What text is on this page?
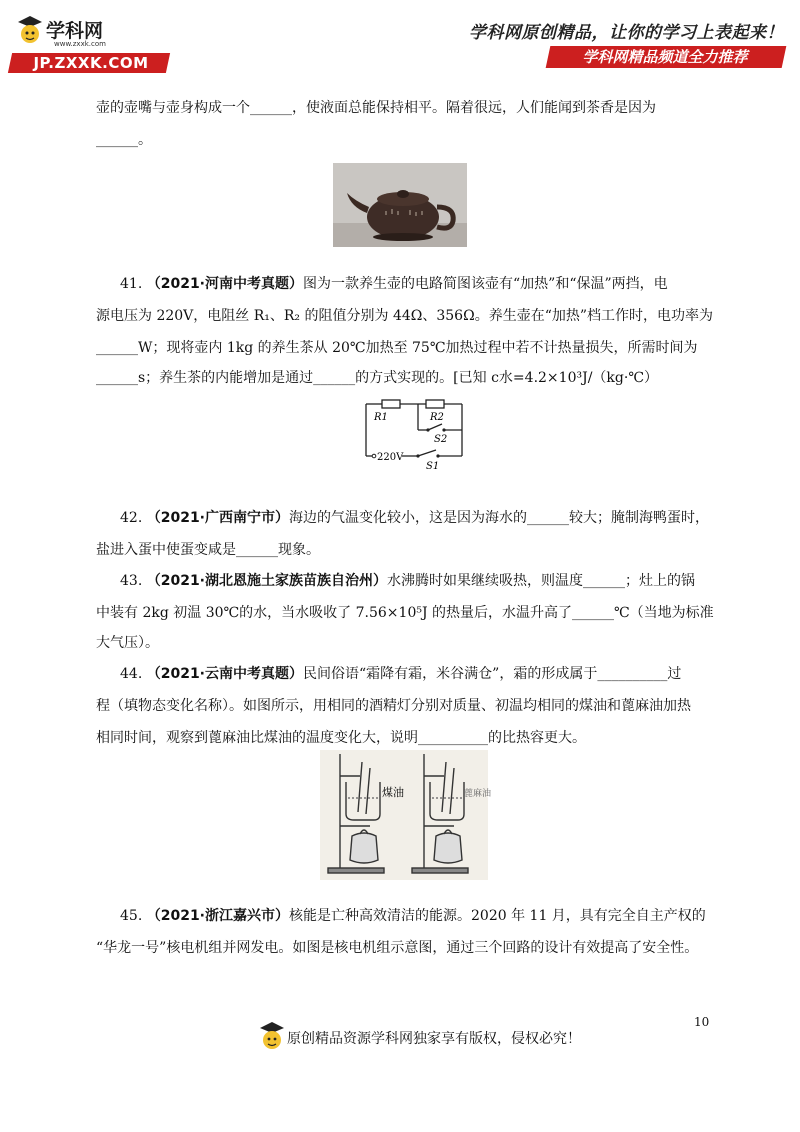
学科网
www.zxxk.com
JP.ZXXK.COM
学科网原创精品，让你的学习上表起来！
学科网精品频道全力推荐
壶的壶嘴与壶身构成一个______，使液面总能保持相平。隔着很远，人们能闻到茶香是因为
______。
41. （2021·河南中考真题）图为一款养生壶的电路简图该壶有“加热”和“保温”两挡，电
源电压为 220V，电阻丝 R₁、R₂ 的阻值分别为 44Ω、356Ω。养生壶在“加热”档工作时，电功率为
______W；现将壶内 1kg 的养生茶从 20℃加热至 75℃加热过程中若不计热量损失，所需时间为
______s；养生茶的内能增加是通过______的方式实现的。[已知 c水=4.2×10³J/（kg·℃）
R1	R2
S2
S1
220V
42. （2021·广西南宁市）海边的气温变化较小，这是因为海水的______较大；腌制海鸭蛋时，
盐进入蛋中使蛋变咸是______现象。
43. （2021·湖北恩施土家族苗族自治州）水沸腾时如果继续吸热，则温度______；灶上的锅
中装有 2kg 初温 30℃的水，当水吸收了 7.56×10⁵J 的热量后，水温升高了______℃（当地为标准
大气压）。
44. （2021·云南中考真题）民间俗语“霜降有霜，米谷满仓”，霜的形成属于__________过
程（填物态变化名称）。如图所示，用相同的酒精灯分别对质量、初温均相同的煤油和蓖麻油加热
相同时间，观察到蓖麻油比煤油的温度变化大，说明__________的比热容更大。
煤油	蓖麻油
45. （2021·浙江嘉兴市）核能是亡种高效清洁的能源。2020 年 11 月，具有完全自主产权的
“华龙一号”核电机组并网发电。如图是核电机组示意图，通过三个回路的设计有效提高了安全性。
10
原创精品资源学科网独家享有版权，侵权必究！
